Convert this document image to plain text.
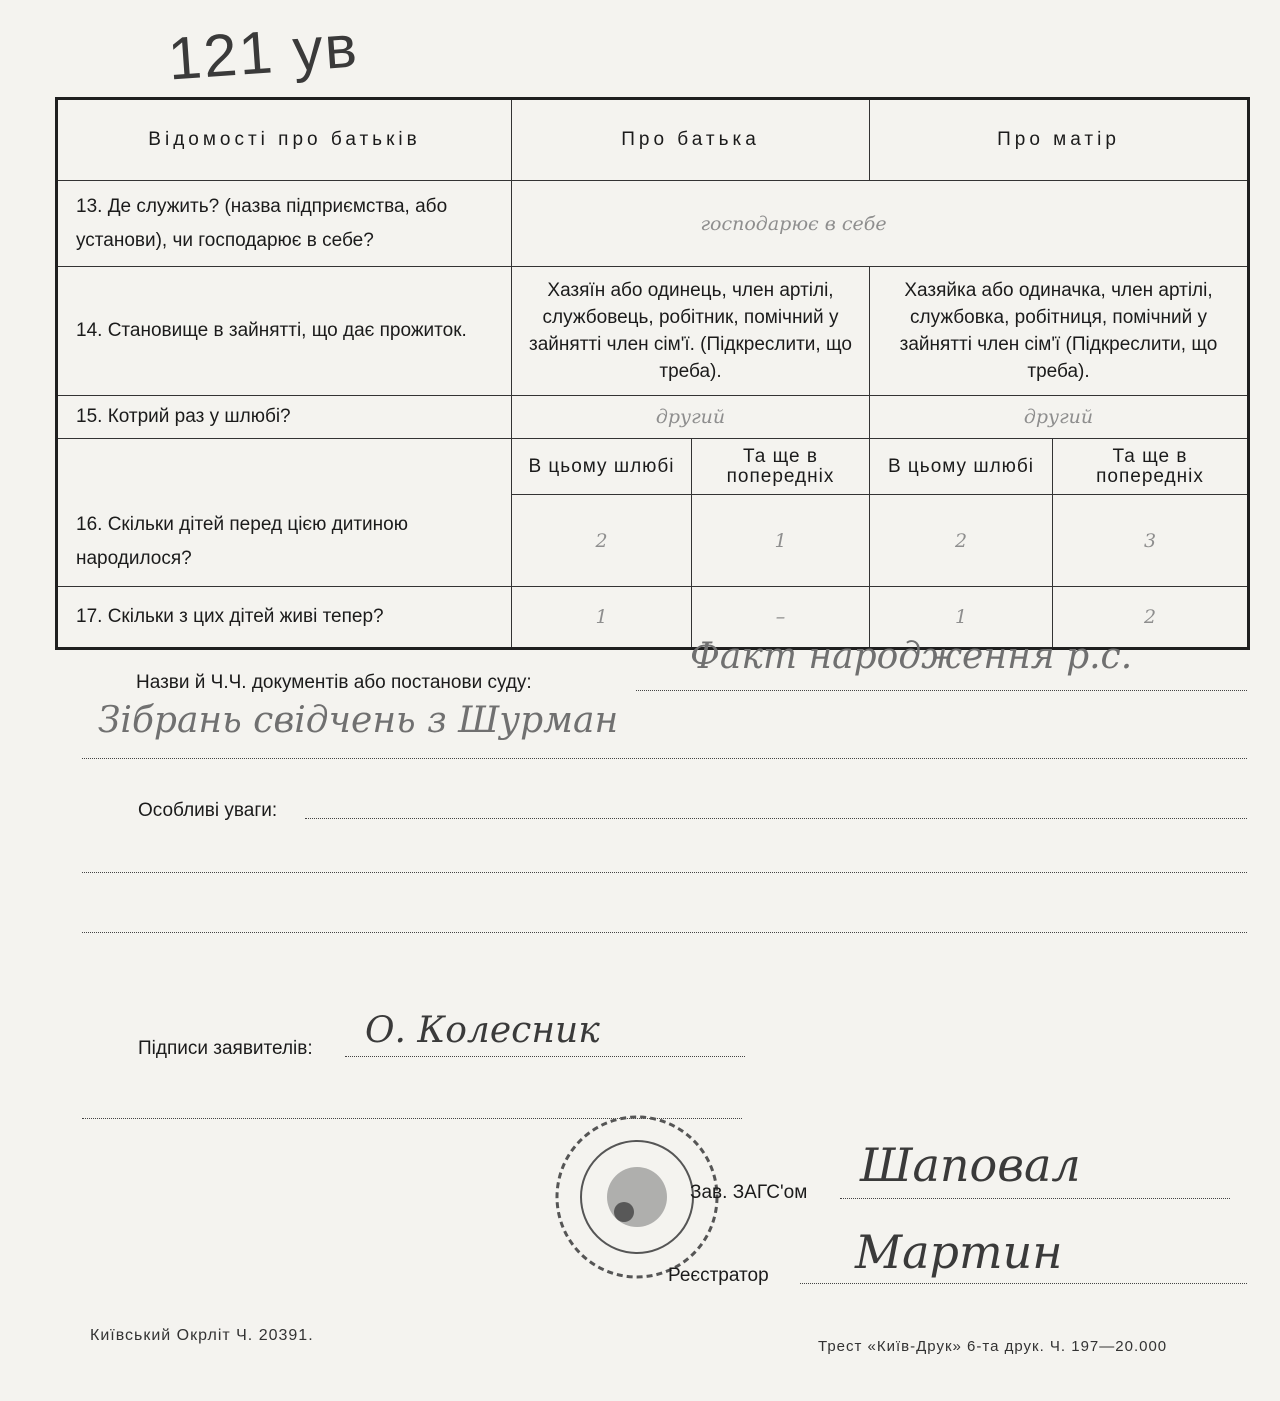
121 ув
Відомості про батьків	Про батька		Про матір	
13. Де служить? (назва підприємства, або установи), чи господарює в себе?	господарює в себе			
14. Становище в зайнятті, що дає прожиток.	Хазяїн або одинець, член артілі, службовець, робітник, помічний у зайнятті член сім'ї. (Підкреслити, що треба).		Хазяйка або одиначка, член артілі, службовка, робітниця, помічний у зайнятті член сім'ї (Підкреслити, що треба).	
15. Котрий раз у шлюбі?	другий		другий	
16. Скільки дітей перед цією дитиною народилося?	В цьому шлюбі	Та ще в попередніх	В цьому шлюбі	Та ще в попередніх
	2	1	2	3
17. Скільки з цих дітей живі тепер?	1	–	1	2
Назви й Ч.Ч. документів або постанови суду:
Факт народження р.с.
Зібрань свідчень з Шурман
Особливі уваги:
Підписи заявителів: О. Колесник
Зав. ЗАГС'ом
Шаповал
Реєстратор Мартин
Київський Окрліт Ч. 20391.
Трест «Київ-Друк» 6-та друк. Ч. 197—20.000
